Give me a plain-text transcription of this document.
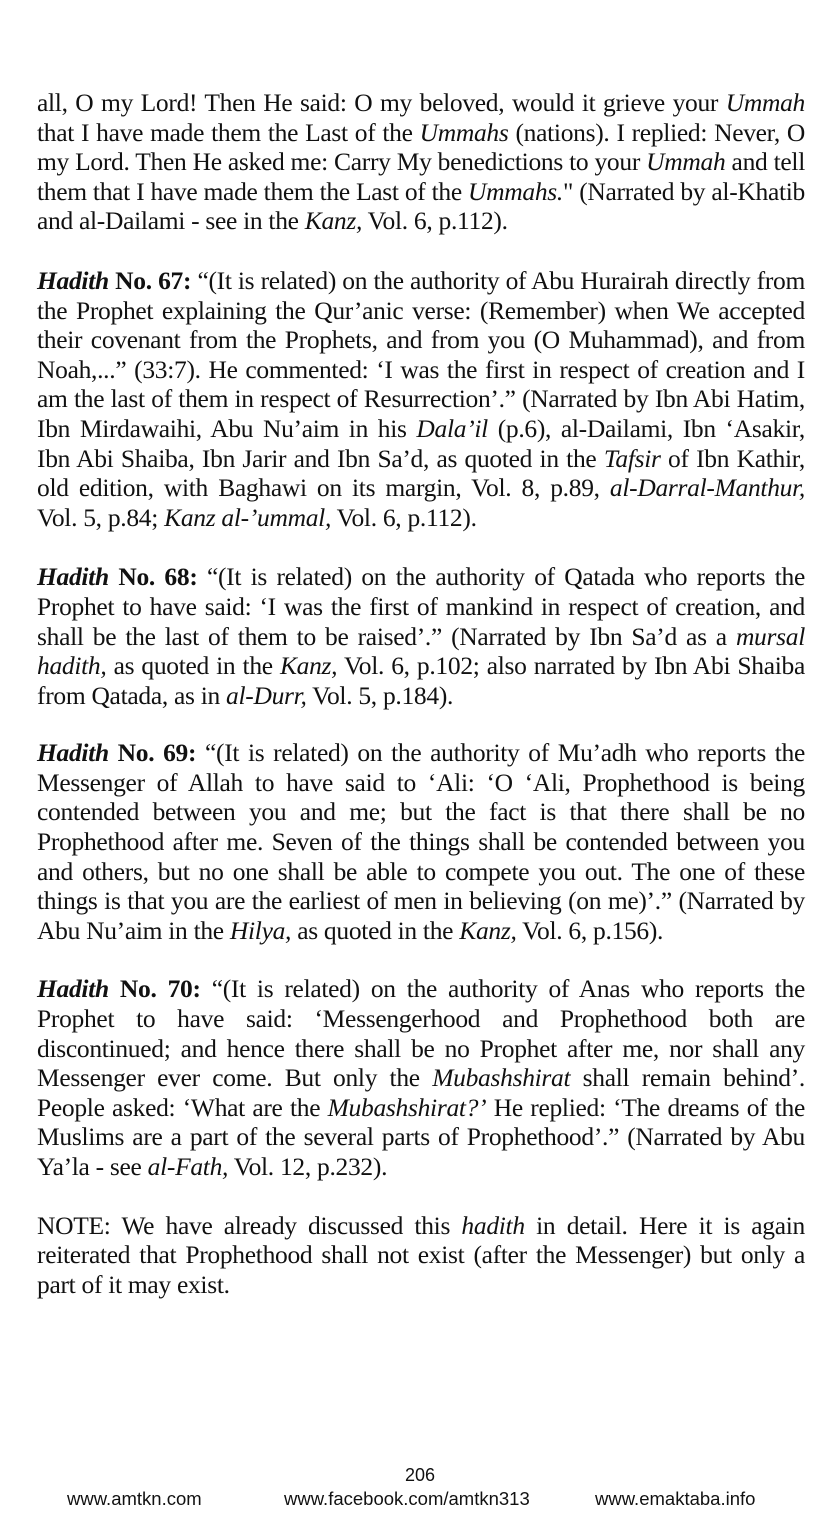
all, O my Lord! Then He said: O my beloved, would it grieve your Ummah that I have made them the Last of the Ummahs (nations). I replied: Never, O my Lord. Then He asked me: Carry My benedictions to your Ummah and tell them that I have made them the Last of the Ummahs." (Narrated by al-Khatib and al-Dailami - see in the Kanz, Vol. 6, p.112).

Hadith No. 67: “(It is related) on the authority of Abu Hurairah directly from the Prophet explaining the Qur’anic verse: (Remember) when We accepted their covenant from the Prophets, and from you (O Muhammad), and from Noah,...” (33:7). He commented: ‘I was the first in respect of creation and I am the last of them in respect of Resurrection’.” (Narrated by Ibn Abi Hatim, Ibn Mirdawaihi, Abu Nu’aim in his Dala’il (p.6), al-Dailami, Ibn ‘Asakir, Ibn Abi Shaiba, Ibn Jarir and Ibn Sa’d, as quoted in the Tafsir of Ibn Kathir, old edition, with Baghawi on its margin, Vol. 8, p.89, al-Darral-Manthur, Vol. 5, p.84; Kanz al-’ummal, Vol. 6, p.112).

Hadith No. 68: “(It is related) on the authority of Qatada who reports the Prophet to have said: ‘I was the first of mankind in respect of creation, and shall be the last of them to be raised’.” (Narrated by Ibn Sa’d as a mursal hadith, as quoted in the Kanz, Vol. 6, p.102; also narrated by Ibn Abi Shaiba from Qatada, as in al-Durr, Vol. 5, p.184).

Hadith No. 69: “(It is related) on the authority of Mu’adh who reports the Messenger of Allah to have said to ‘Ali: ‘O ‘Ali, Prophethood is being contended between you and me; but the fact is that there shall be no Prophethood after me. Seven of the things shall be contended between you and others, but no one shall be able to compete you out. The one of these things is that you are the earliest of men in believing (on me)’.” (Narrated by Abu Nu’aim in the Hilya, as quoted in the Kanz, Vol. 6, p.156).

Hadith No. 70: “(It is related) on the authority of Anas who reports the Prophet to have said: ‘Messengerhood and Prophethood both are discontinued; and hence there shall be no Prophet after me, nor shall any Messenger ever come. But only the Mubashshirat shall remain behind’. People asked: ‘What are the Mubashshirat?’ He replied: ‘The dreams of the Muslims are a part of the several parts of Prophethood’.” (Narrated by Abu Ya’la - see al-Fath, Vol. 12, p.232).

NOTE: We have already discussed this hadith in detail. Here it is again reiterated that Prophethood shall not exist (after the Messenger) but only a part of it may exist.

206
www.amtkn.com	www.facebook.com/amtkn313	www.emaktaba.info
